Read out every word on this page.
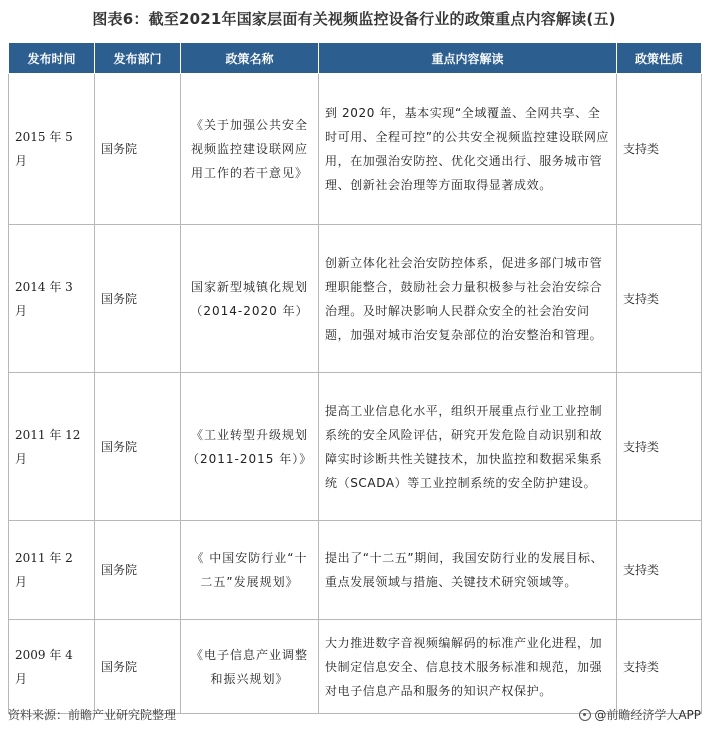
图表6：截至2021年国家层面有关视频监控设备行业的政策重点内容解读(五)
发布时间	发布部门	政策名称	重点内容解读	政策性质
2015 年 5 月	国务院	《关于加强公共安全视频监控建设联网应用工作的若干意见》	到 2020 年，基本实现“全域覆盖、全网共享、全时可用、全程可控”的公共安全视频监控建设联网应用，在加强治安防控、优化交通出行、服务城市管理、创新社会治理等方面取得显著成效。	支持类
2014 年 3 月	国务院	国家新型城镇化规划（2014-2020 年）	创新立体化社会治安防控体系，促进多部门城市管理职能整合，鼓励社会力量积极参与社会治安综合治理。及时解决影响人民群众安全的社会治安问题，加强对城市治安复杂部位的治安整治和管理。	支持类
2011 年 12 月	国务院	《工业转型升级规划（2011-2015 年）》	提高工业信息化水平，组织开展重点行业工业控制系统的安全风险评估，研究开发危险自动识别和故障实时诊断共性关键技术，加快监控和数据采集系统（SCADA）等工业控制系统的安全防护建设。	支持类
2011 年 2 月	国务院	《 中国安防行业“十二五”发展规划》	提出了“十二五”期间，我国安防行业的发展目标、重点发展领域与措施、关键技术研究领域等。	支持类
2009 年 4 月	国务院	《电子信息产业调整和振兴规划》	大力推进数字音视频编解码的标准产业化进程，加快制定信息安全、信息技术服务标准和规范，加强对电子信息产品和服务的知识产权保护。	支持类
资料来源：前瞻产业研究院整理	@前瞻经济学人APP
